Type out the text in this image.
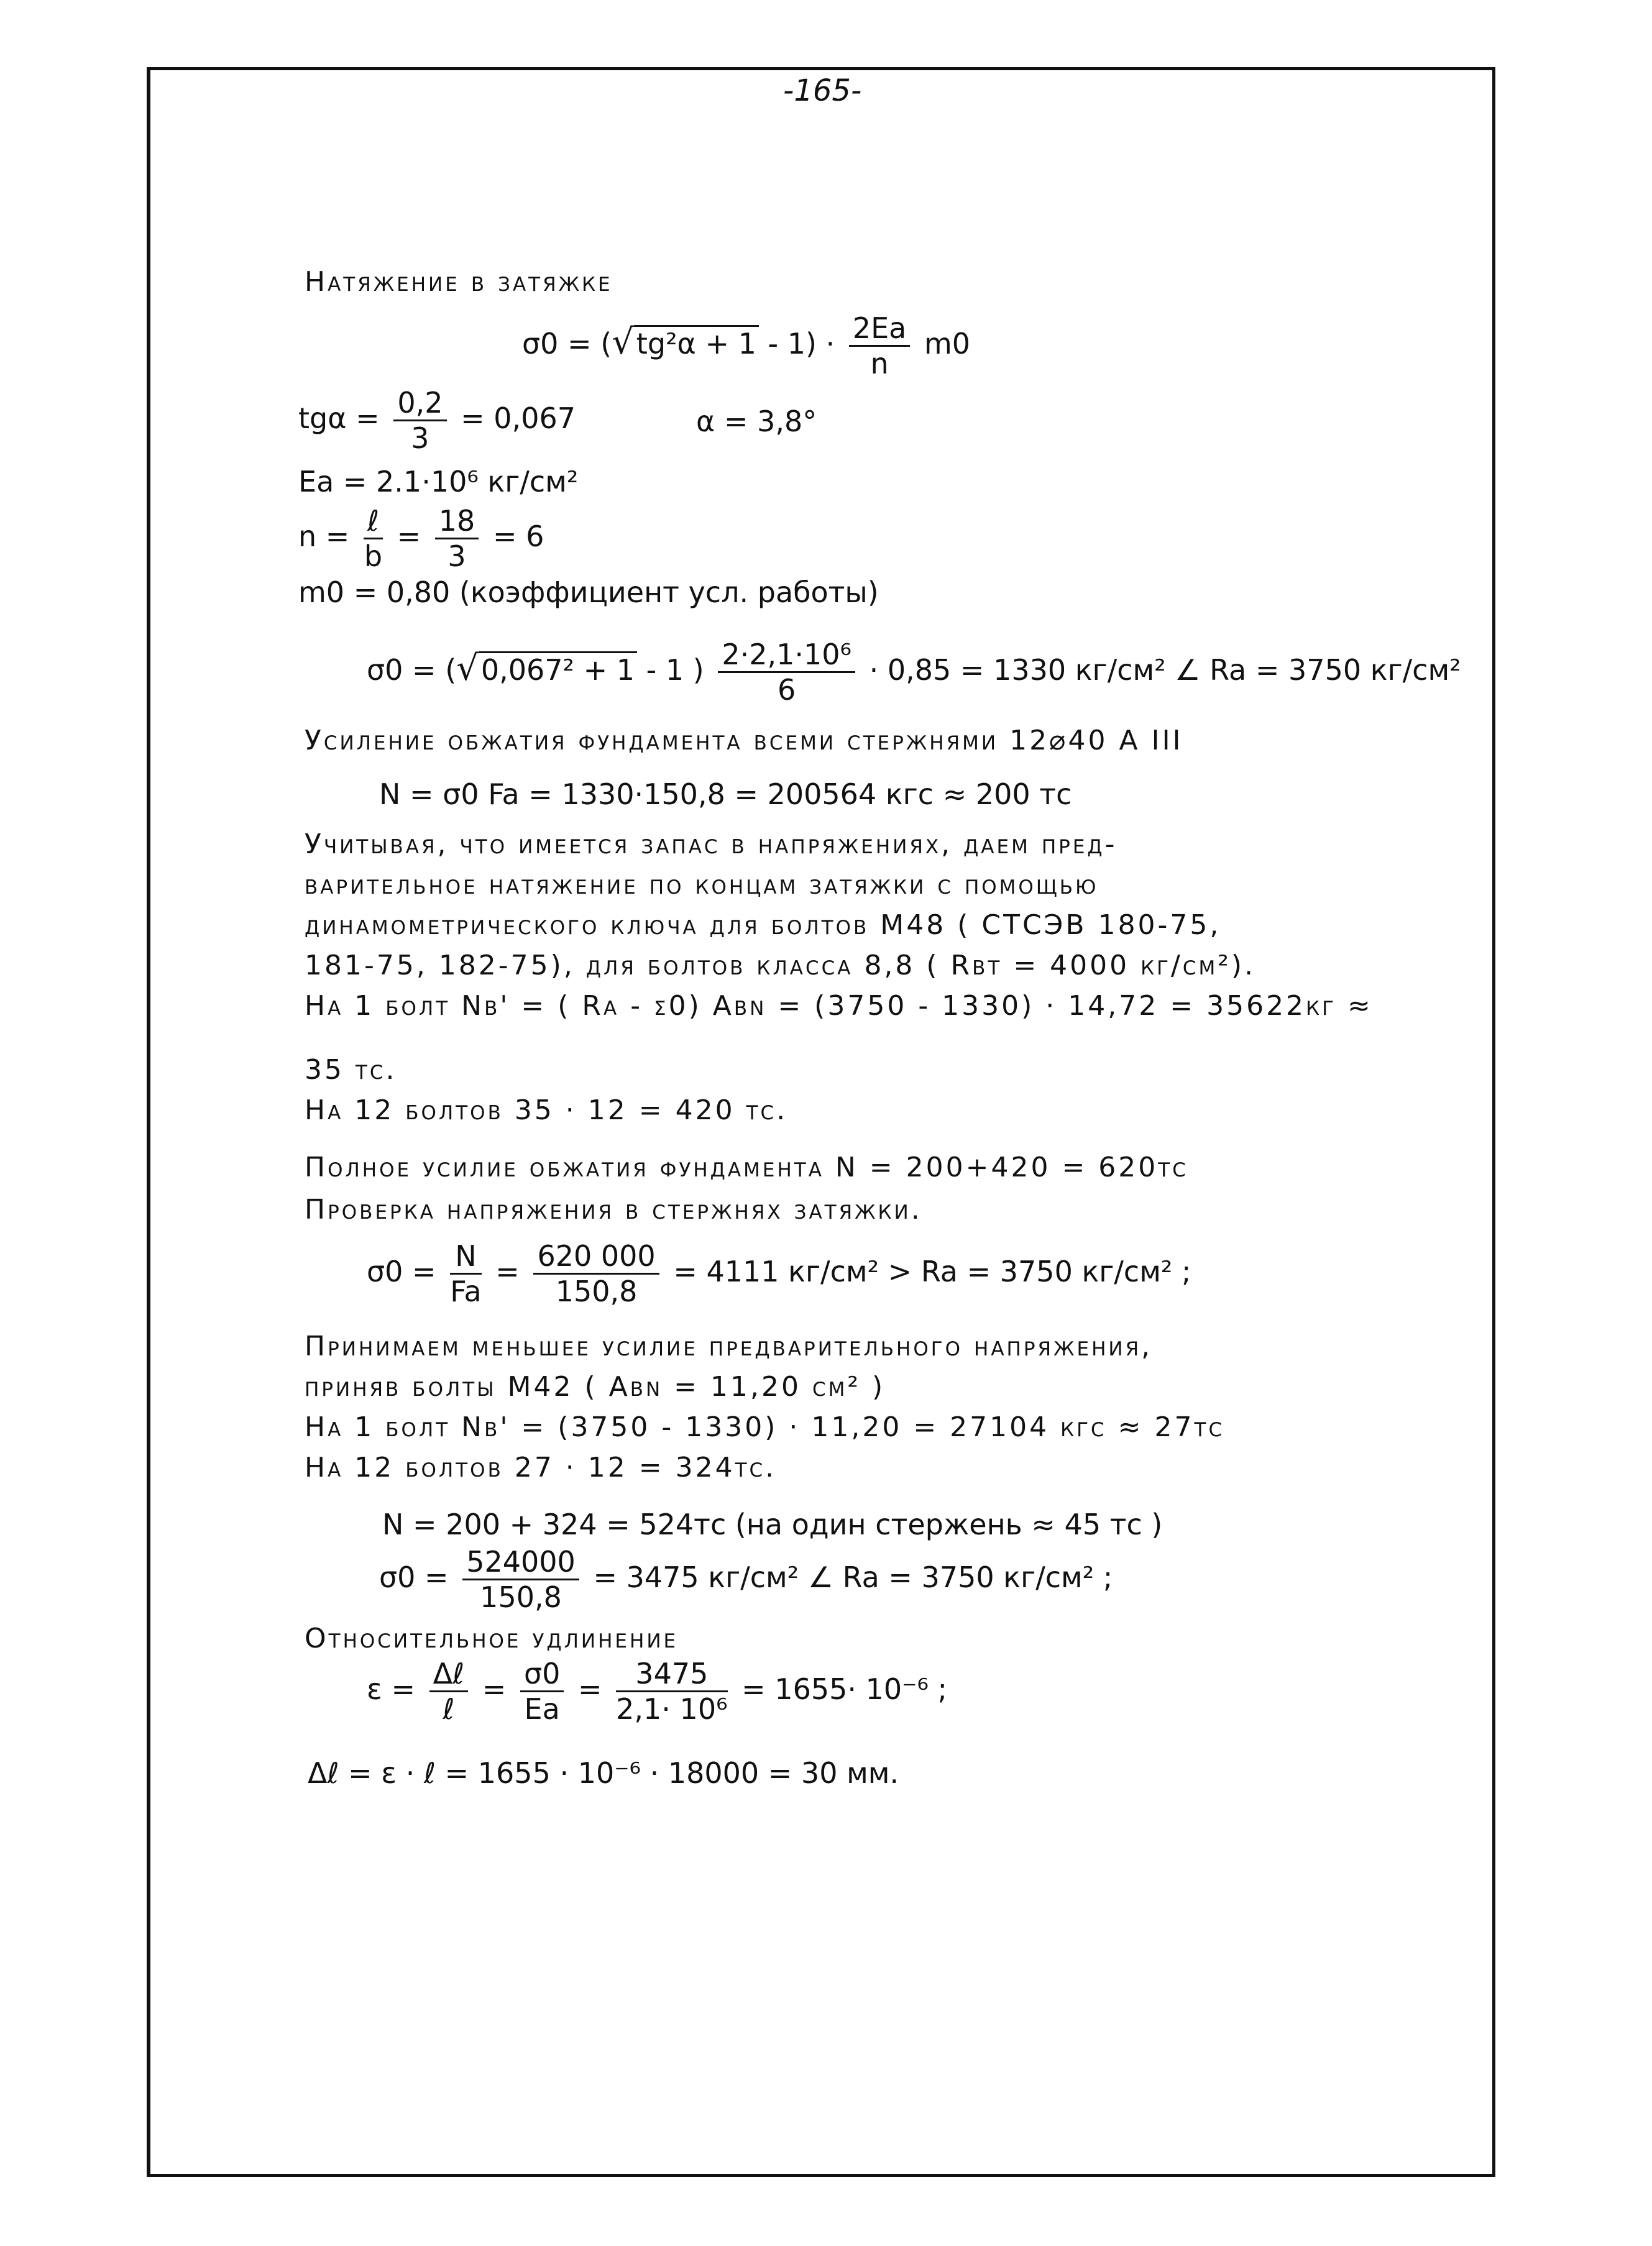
-165-
Натяжение в затяжке
$\sigma 0 = (√tg^2\alpha + 1 - 1) \cdot \frac{2Ea}{n} m0$
$tg\alpha = \frac{0,2}{3} = 0,067$	α = 3,8°
Ea = 2.1·10⁶ кг/см²
$n = \frac{\text{ℓ}}{b} = \frac{18}{3} = 6$
m0 = 0,80 (коэффициент усл. работы)
σ0 = (√0,067² + 1 - 1 ) $\frac{\text{2·2,1·10⁶}}{6} \cdot 0,85 = 1330$ кг/см² ∠ Ra = 3750 кг/см²
Усиление обжатия фундамента всеми стержнями 12⌀40 A III
N = σ0 Fa = 1330·150,8 = 200564 кгс ≈ 200 тс
Учитывая, что имеется запас в напряжениях, даем пред-
варительное натяжение по концам затяжки с помощью
динамометрического ключа для болтов M48 ( СТСЭВ 180-75,
181-75, 182-75), для болтов класса 8,8 ( Rbt = 4000 кг/см²).
На 1 болт Nb' = ( Ra - σ0) Abn = (3750 - 1330) · 14,72 = 35622кг ≈
35 тс.
На 12 болтов 35 · 12 = 420 тс.
Полное усилие обжатия фундамента N = 200+420 = 620тс
Проверка напряжения в стержнях затяжки.
$\sigma 0 = \frac{N}{Fa} = \frac{620 000}{150,8} = 4111$ кг/см² > Ra = 3750 кг/см² ;
Принимаем меньшее усилие предварительного напряжения,
приняв болты M42 ( Abn = 11,20 см² )
На 1 болт Nb' = (3750 - 1330) · 11,20 = 27104 кгс ≈ 27тс
На 12 болтов 27 · 12 = 324тс.
N = 200 + 324 = 524тс (на один стержень ≈ 45 тс )
$\sigma 0 = \frac{524000}{150,8} = 3475$ кг/см² ∠ Ra = 3750 кг/см² ;
Относительное удлинение
$\varepsilon = \frac{\text{Δℓ}}{\text{ℓ}} = \frac{\sigma 0}{Ea} = \frac{3475}{\text{2,1· 10⁶}} = 1655\cdot 10^{-6}$ ;
Δℓ = ε · ℓ = 1655 · 10⁻⁶ · 18000 = 30 мм.
